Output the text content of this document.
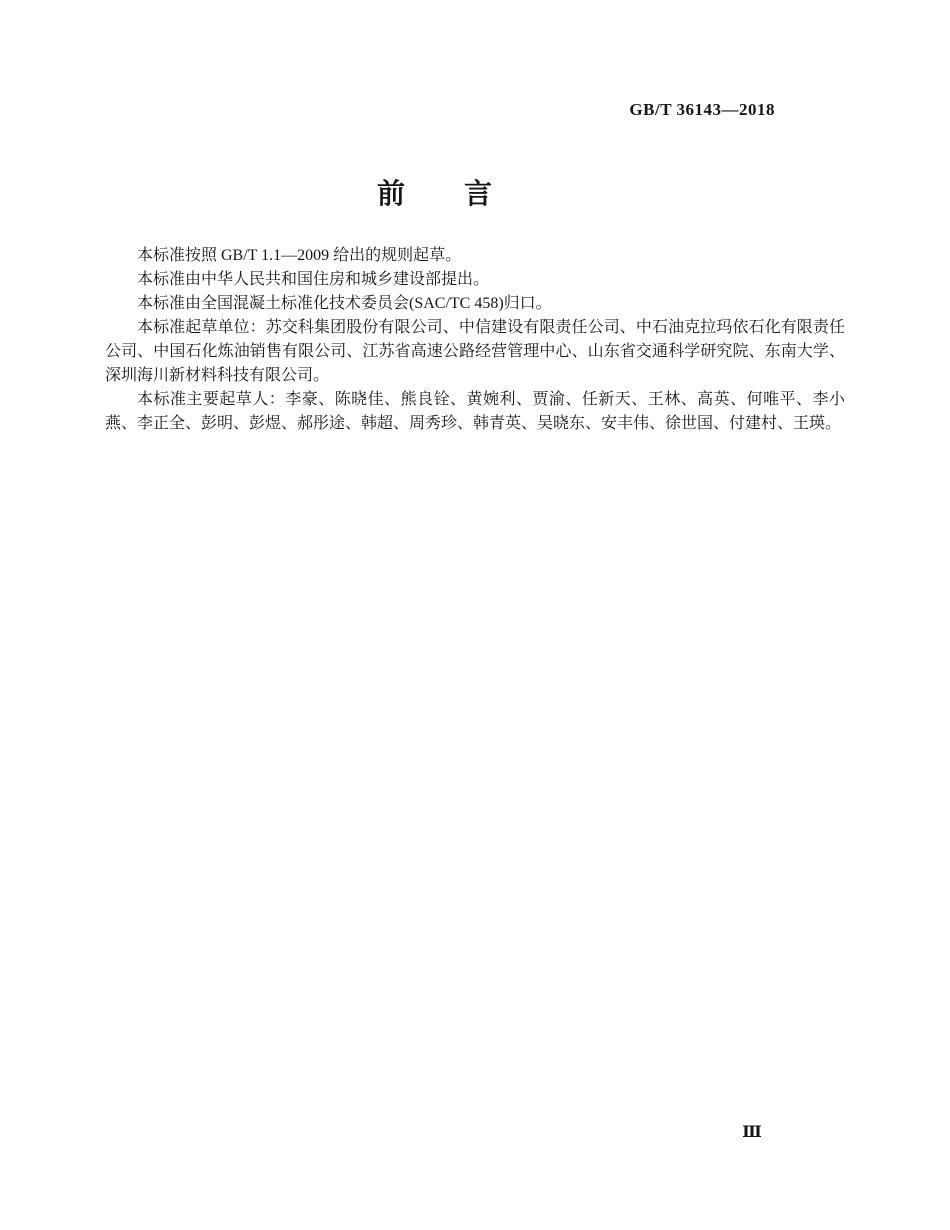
GB/T 36143—2018
前　　言

本标准按照 GB/T 1.1—2009 给出的规则起草。

本标准由中华人民共和国住房和城乡建设部提出。

本标准由全国混凝土标准化技术委员会(SAC/TC 458)归口。

本标准起草单位：苏交科集团股份有限公司、中信建设有限责任公司、中石油克拉玛依石化有限责任公司、中国石化炼油销售有限公司、江苏省高速公路经营管理中心、山东省交通科学研究院、东南大学、深圳海川新材料科技有限公司。

本标准主要起草人：李豪、陈晓佳、熊良铨、黄婉利、贾渝、任新天、王林、高英、何唯平、李小燕、李正全、彭明、彭煜、郝彤途、韩超、周秀珍、韩青英、吴晓东、安丰伟、徐世国、付建村、王瑛。

Ⅲ
